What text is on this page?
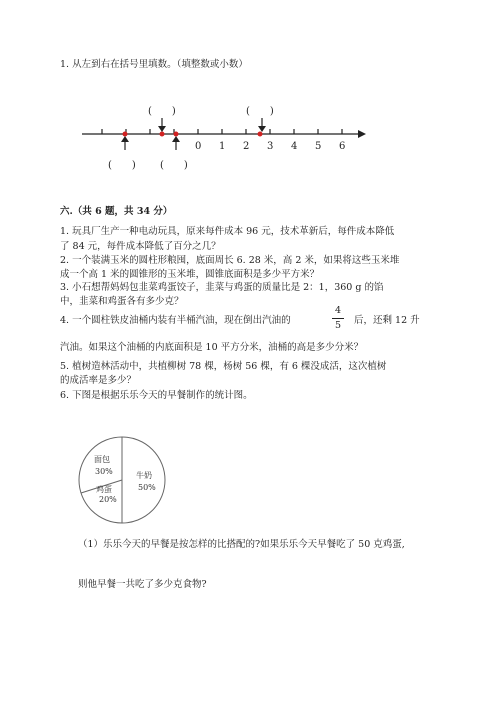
1. 从左到右在括号里填数。（填整数或小数）
0 1 2 3 4 5 6
(　　)	(　　)
(　　) (　　)
六.（共 6 题，共 34 分）
1. 玩具厂生产一种电动玩具，原来每件成本 96 元，技术革新后，每件成本降低
了 84 元，每件成本降低了百分之几？
2. 一个装满玉米的圆柱形粮囤，底面周长 6. 28 米，高 2 米，如果将这些玉米堆
成一个高 1 米的圆锥形的玉米堆，圆锥底面积是多少平方米？
3. 小石想帮妈妈包韭菜鸡蛋饺子，韭菜与鸡蛋的质量比是 2：1，360 g 的馅
中，韭菜和鸡蛋各有多少克？
4. 一个圆柱铁皮油桶内装有半桶汽油，现在倒出汽油的
4
5	后，还剩 12 升
汽油。如果这个油桶的内底面积是 10 平方分米，油桶的高是多少分米？
5. 植树造林活动中，共植柳树 78 棵，杨树 56 棵，有 6 棵没成活，这次植树
的成活率是多少？
6. 下图是根据乐乐今天的早餐制作的统计图。
牛奶
50%
面包
30%
鸡蛋
20%
（1）乐乐今天的早餐是按怎样的比搭配的?如果乐乐今天早餐吃了 50 克鸡蛋,
则他早餐一共吃了多少克食物?
